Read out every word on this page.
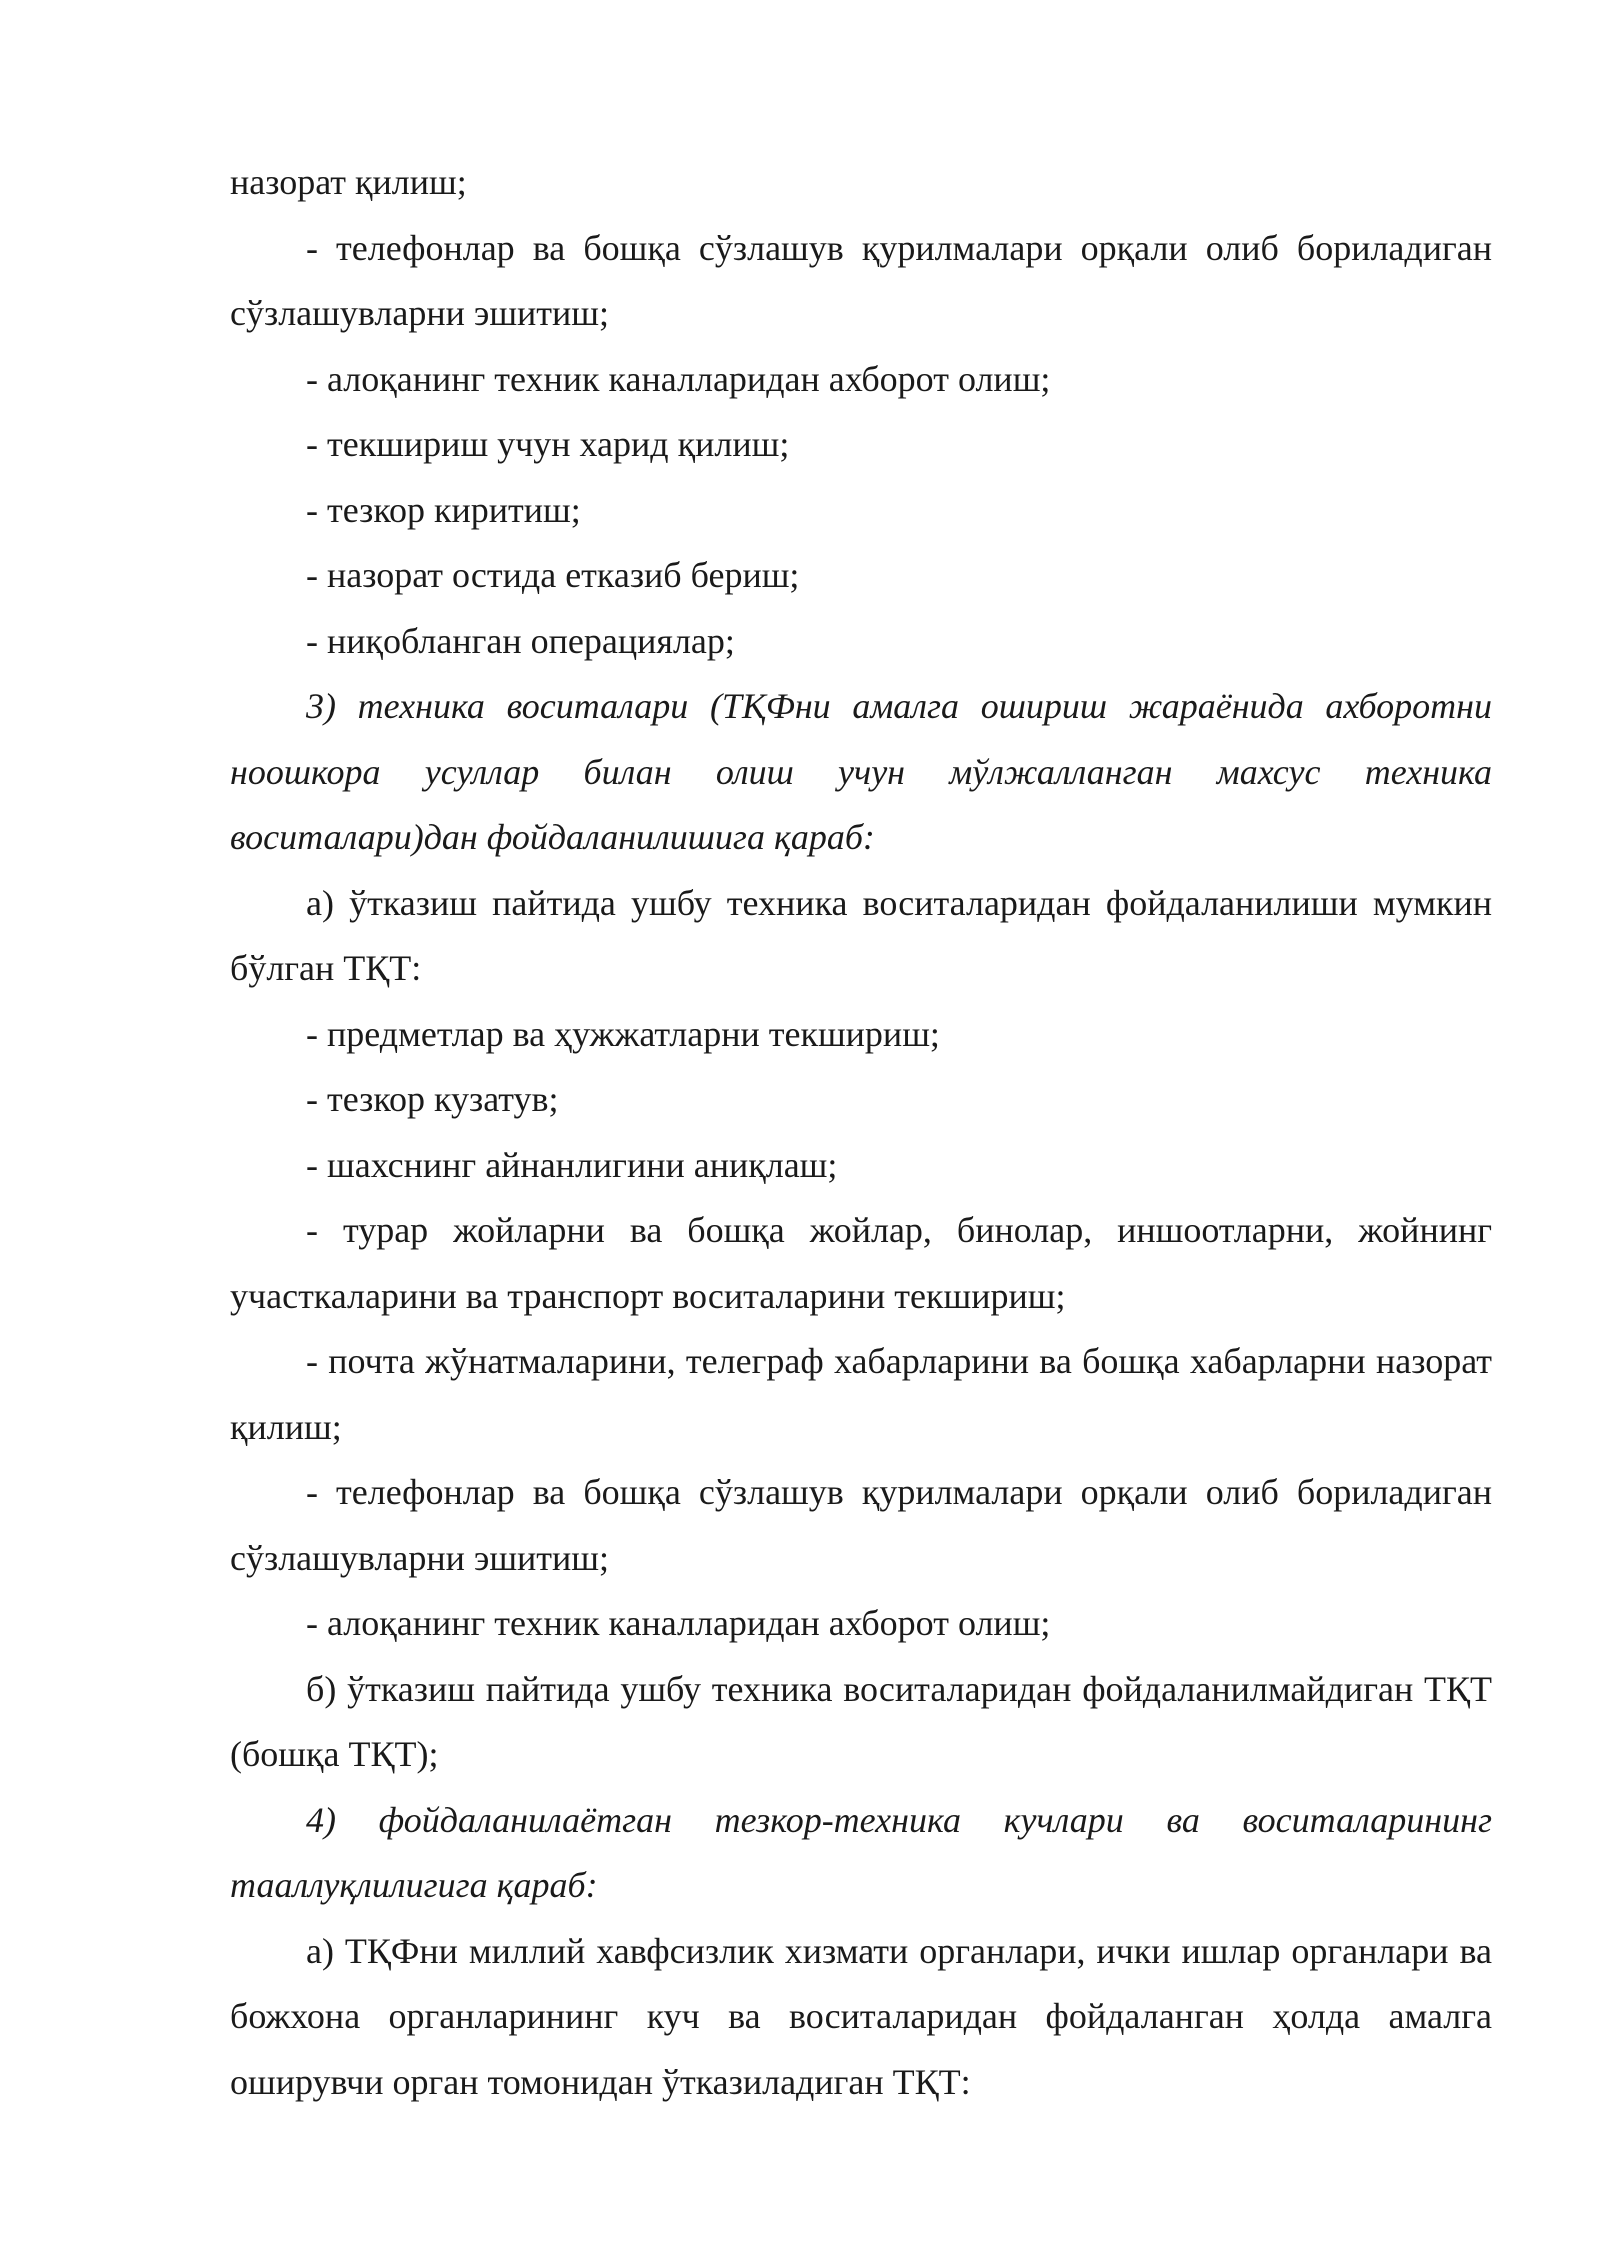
назорат қилиш;

- телефонлар ва бошқа сўзлашув қурилмалари орқали олиб бориладиган сўзлашувларни эшитиш;

- алоқанинг техник каналларидан ахборот олиш;

- текшириш учун харид қилиш;

- тезкор киритиш;

- назорат остида етказиб бериш;

- ниқобланган операциялар;

3) техника воситалари (ТҚФни амалга ошириш жараёнида ахборотни ноошкора усуллар билан олиш учун мўлжалланган махсус техника воситалари)дан фойдаланилишига қараб:

а) ўтказиш пайтида ушбу техника воситаларидан фойдаланилиши мумкин бўлган ТҚТ:

- предметлар ва ҳужжатларни текшириш;

- тезкор кузатув;

- шахснинг айнанлигини аниқлаш;

- турар жойларни ва бошқа жойлар, бинолар, иншоотларни, жойнинг участкаларини ва транспорт воситаларини текшириш;

- почта жўнатмаларини, телеграф хабарларини ва бошқа хабарларни назорат қилиш;

- телефонлар ва бошқа сўзлашув қурилмалари орқали олиб бориладиган сўзлашувларни эшитиш;

- алоқанинг техник каналларидан ахборот олиш;

б) ўтказиш пайтида ушбу техника воситаларидан фойдаланилмайдиган ТҚТ (бошқа ТҚТ);

4) фойдаланилаётган тезкор-техника кучлари ва воситаларининг тааллуқлилигига қараб:

а) ТҚФни миллий хавфсизлик хизмати органлари, ички ишлар органлари ва божхона органларининг куч ва воситаларидан фойдаланган ҳолда амалга оширувчи орган томонидан ўтказиладиган ТҚТ:
